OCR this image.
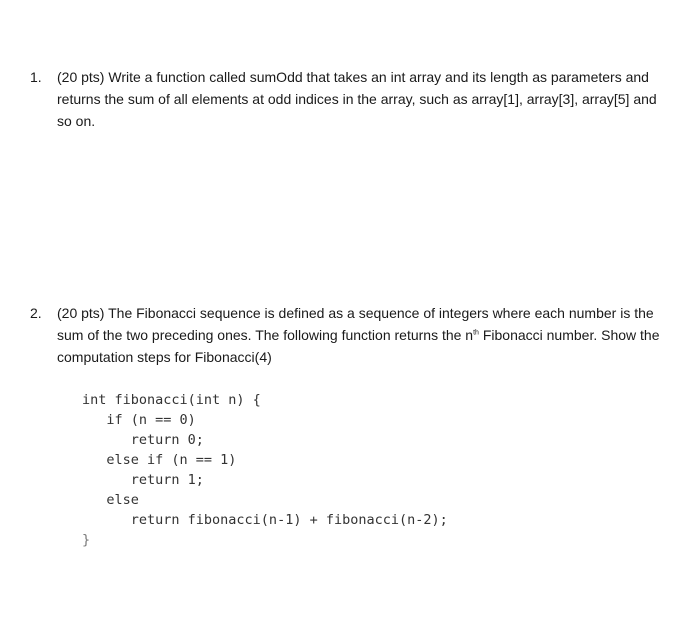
1. (20 pts) Write a function called sumOdd that takes an int array and its length as parameters and returns the sum of all elements at odd indices in the array, such as array[1], array[3], array[5] and so on.
2. (20 pts) The Fibonacci sequence is defined as a sequence of integers where each number is the sum of the two preceding ones. The following function returns the $n^{th}$ Fibonacci number. Show the computation steps for Fibonacci(4)
int fibonacci(int n) {
if (n == 0)
return 0;
else if (n == 1)
return 1;
else
return fibonacci(n-1) + fibonacci(n-2);
}
